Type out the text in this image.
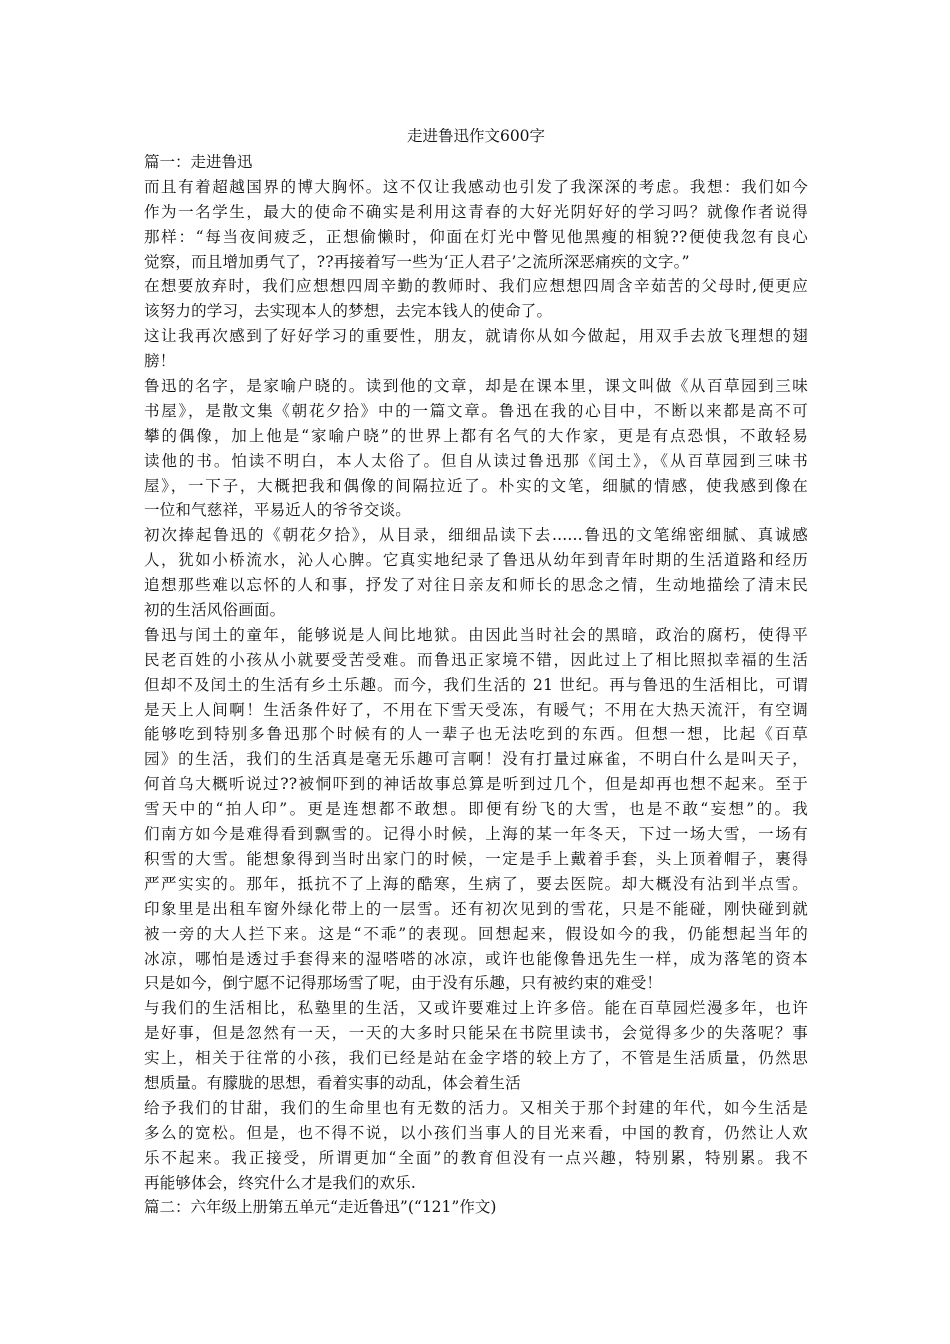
走进鲁迅作文600字
篇一：走进鲁迅
而且有着超越国界的博大胸怀。这不仅让我感动也引发了我深深的考虑。我想：我们如今
作为一名学生，最大的使命不确实是利用这青春的大好光阴好好的学习吗？就像作者说得
那样：“每当夜间疲乏，正想偷懒时，仰面在灯光中瞥见他黑瘦的相貌??便使我忽有良心
觉察，而且增加勇气了，??再接着写一些为‘正人君子’之流所深恶痛疾的文字。”
在想要放弃时，我们应想想四周辛勤的教师时、我们应想想四周含辛茹苦的父母时,便更应
该努力的学习，去实现本人的梦想，去完本钱人的使命了。
这让我再次感到了好好学习的重要性，朋友，就请你从如今做起，用双手去放飞理想的翅
膀！
鲁迅的名字，是家喻户晓的。读到他的文章，却是在课本里，课文叫做《从百草园到三味
书屋》，是散文集《朝花夕拾》中的一篇文章。鲁迅在我的心目中，不断以来都是高不可
攀的偶像，加上他是“家喻户晓”的世界上都有名气的大作家，更是有点恐惧，不敢轻易
读他的书。怕读不明白，本人太俗了。但自从读过鲁迅那《闰土》，《从百草园到三味书
屋》，一下子，大概把我和偶像的间隔拉近了。朴实的文笔，细腻的情感，使我感到像在
一位和气慈祥，平易近人的爷爷交谈。
初次捧起鲁迅的《朝花夕拾》，从目录，细细品读下去......鲁迅的文笔绵密细腻、真诚感
人，犹如小桥流水，沁人心脾。它真实地纪录了鲁迅从幼年到青年时期的生活道路和经历
追想那些难以忘怀的人和事，抒发了对往日亲友和师长的思念之情，生动地描绘了清末民
初的生活风俗画面。
鲁迅与闰土的童年，能够说是人间比地狱。由因此当时社会的黑暗，政治的腐朽，使得平
民老百姓的小孩从小就要受苦受难。而鲁迅正家境不错，因此过上了相比照拟幸福的生活
但却不及闰土的生活有乡土乐趣。而今，我们生活的 21 世纪。再与鲁迅的生活相比，可谓
是天上人间啊！生活条件好了，不用在下雪天受冻，有暖气；不用在大热天流汗，有空调
能够吃到特别多鲁迅那个时候有的人一辈子也无法吃到的东西。但想一想，比起《百草
园》的生活，我们的生活真是毫无乐趣可言啊！没有打量过麻雀，不明白什么是叫天子，
何首乌大概听说过??被恫吓到的神话故事总算是听到过几个，但是却再也想不起来。至于
雪天中的“拍人印”。更是连想都不敢想。即便有纷飞的大雪，也是不敢“妄想”的。我
们南方如今是难得看到飘雪的。记得小时候，上海的某一年冬天，下过一场大雪，一场有
积雪的大雪。能想象得到当时出家门的时候，一定是手上戴着手套，头上顶着帽子，裹得
严严实实的。那年，抵抗不了上海的酷寒，生病了，要去医院。却大概没有沾到半点雪。
印象里是出租车窗外绿化带上的一层雪。还有初次见到的雪花，只是不能碰，刚快碰到就
被一旁的大人拦下来。这是“不乖”的表现。回想起来，假设如今的我，仍能想起当年的
冰凉，哪怕是透过手套得来的湿嗒嗒的冰凉，或许也能像鲁迅先生一样，成为落笔的资本
只是如今，倒宁愿不记得那场雪了呢，由于没有乐趣，只有被约束的难受！
与我们的生活相比，私塾里的生活，又或许要难过上许多倍。能在百草园烂漫多年，也许
是好事，但是忽然有一天，一天的大多时只能呆在书院里读书，会觉得多少的失落呢？事
实上，相关于往常的小孩，我们已经是站在金字塔的较上方了，不管是生活质量，仍然思
想质量。有朦胧的思想，看着实事的动乱，体会着生活
给予我们的甘甜，我们的生命里也有无数的活力。又相关于那个封建的年代，如今生活是
多么的宽松。但是，也不得不说，以小孩们当事人的目光来看，中国的教育，仍然让人欢
乐不起来。我正接受，所谓更加“全面”的教育但没有一点兴趣，特别累，特别累。我不
再能够体会，终究什么才是我们的欢乐.
篇二：六年级上册第五单元“走近鲁迅”(“121”作文)
